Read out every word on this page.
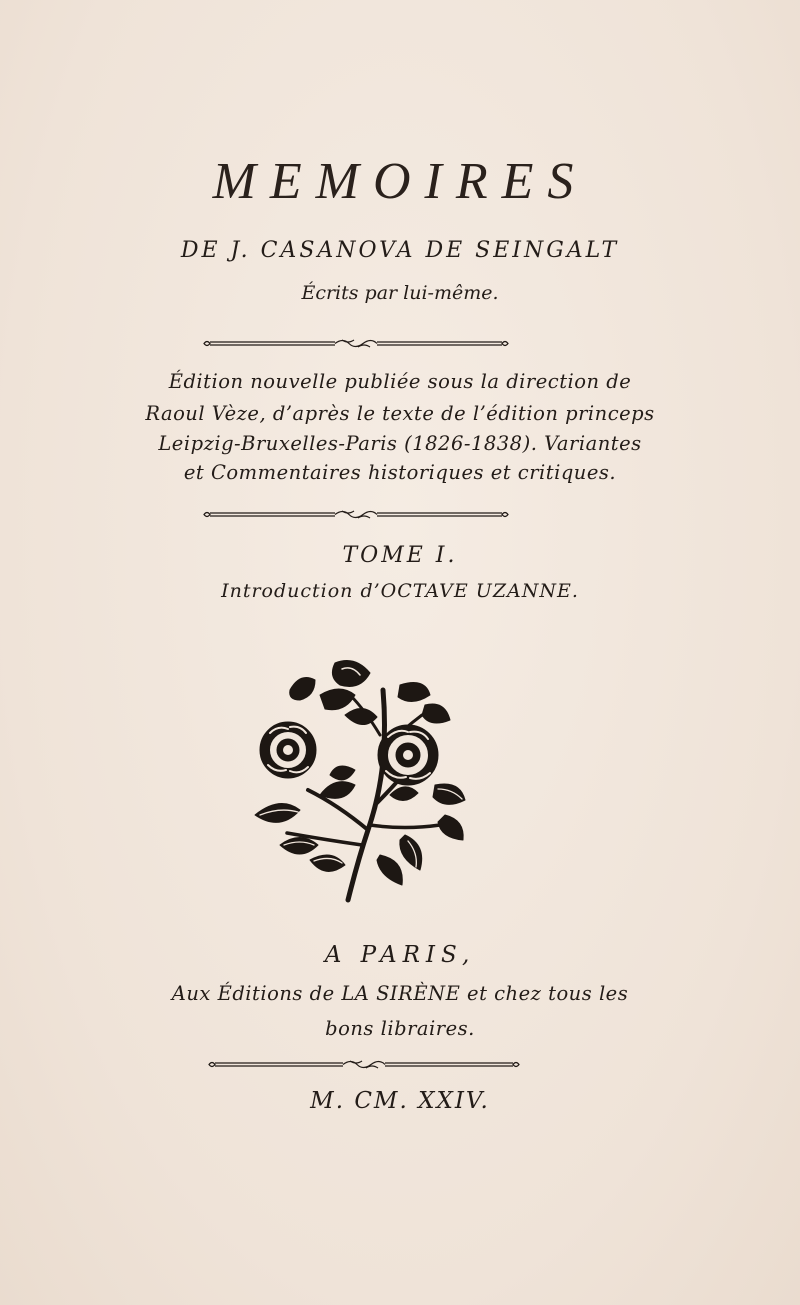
MEMOIRES
DE J. CASANOVA DE SEINGALT
Écrits par lui-même.
Édition nouvelle publiée sous la direction de
Raoul Vèze, d’après le texte de l’édition princeps
Leipzig-Bruxelles-Paris (1826-1838). Variantes
et Commentaires historiques et critiques.
TOME I.
Introduction d’OCTAVE UZANNE.
A PARIS,
Aux Éditions de LA SIRÈNE et chez tous les
bons libraires.
M. CM. XXIV.
